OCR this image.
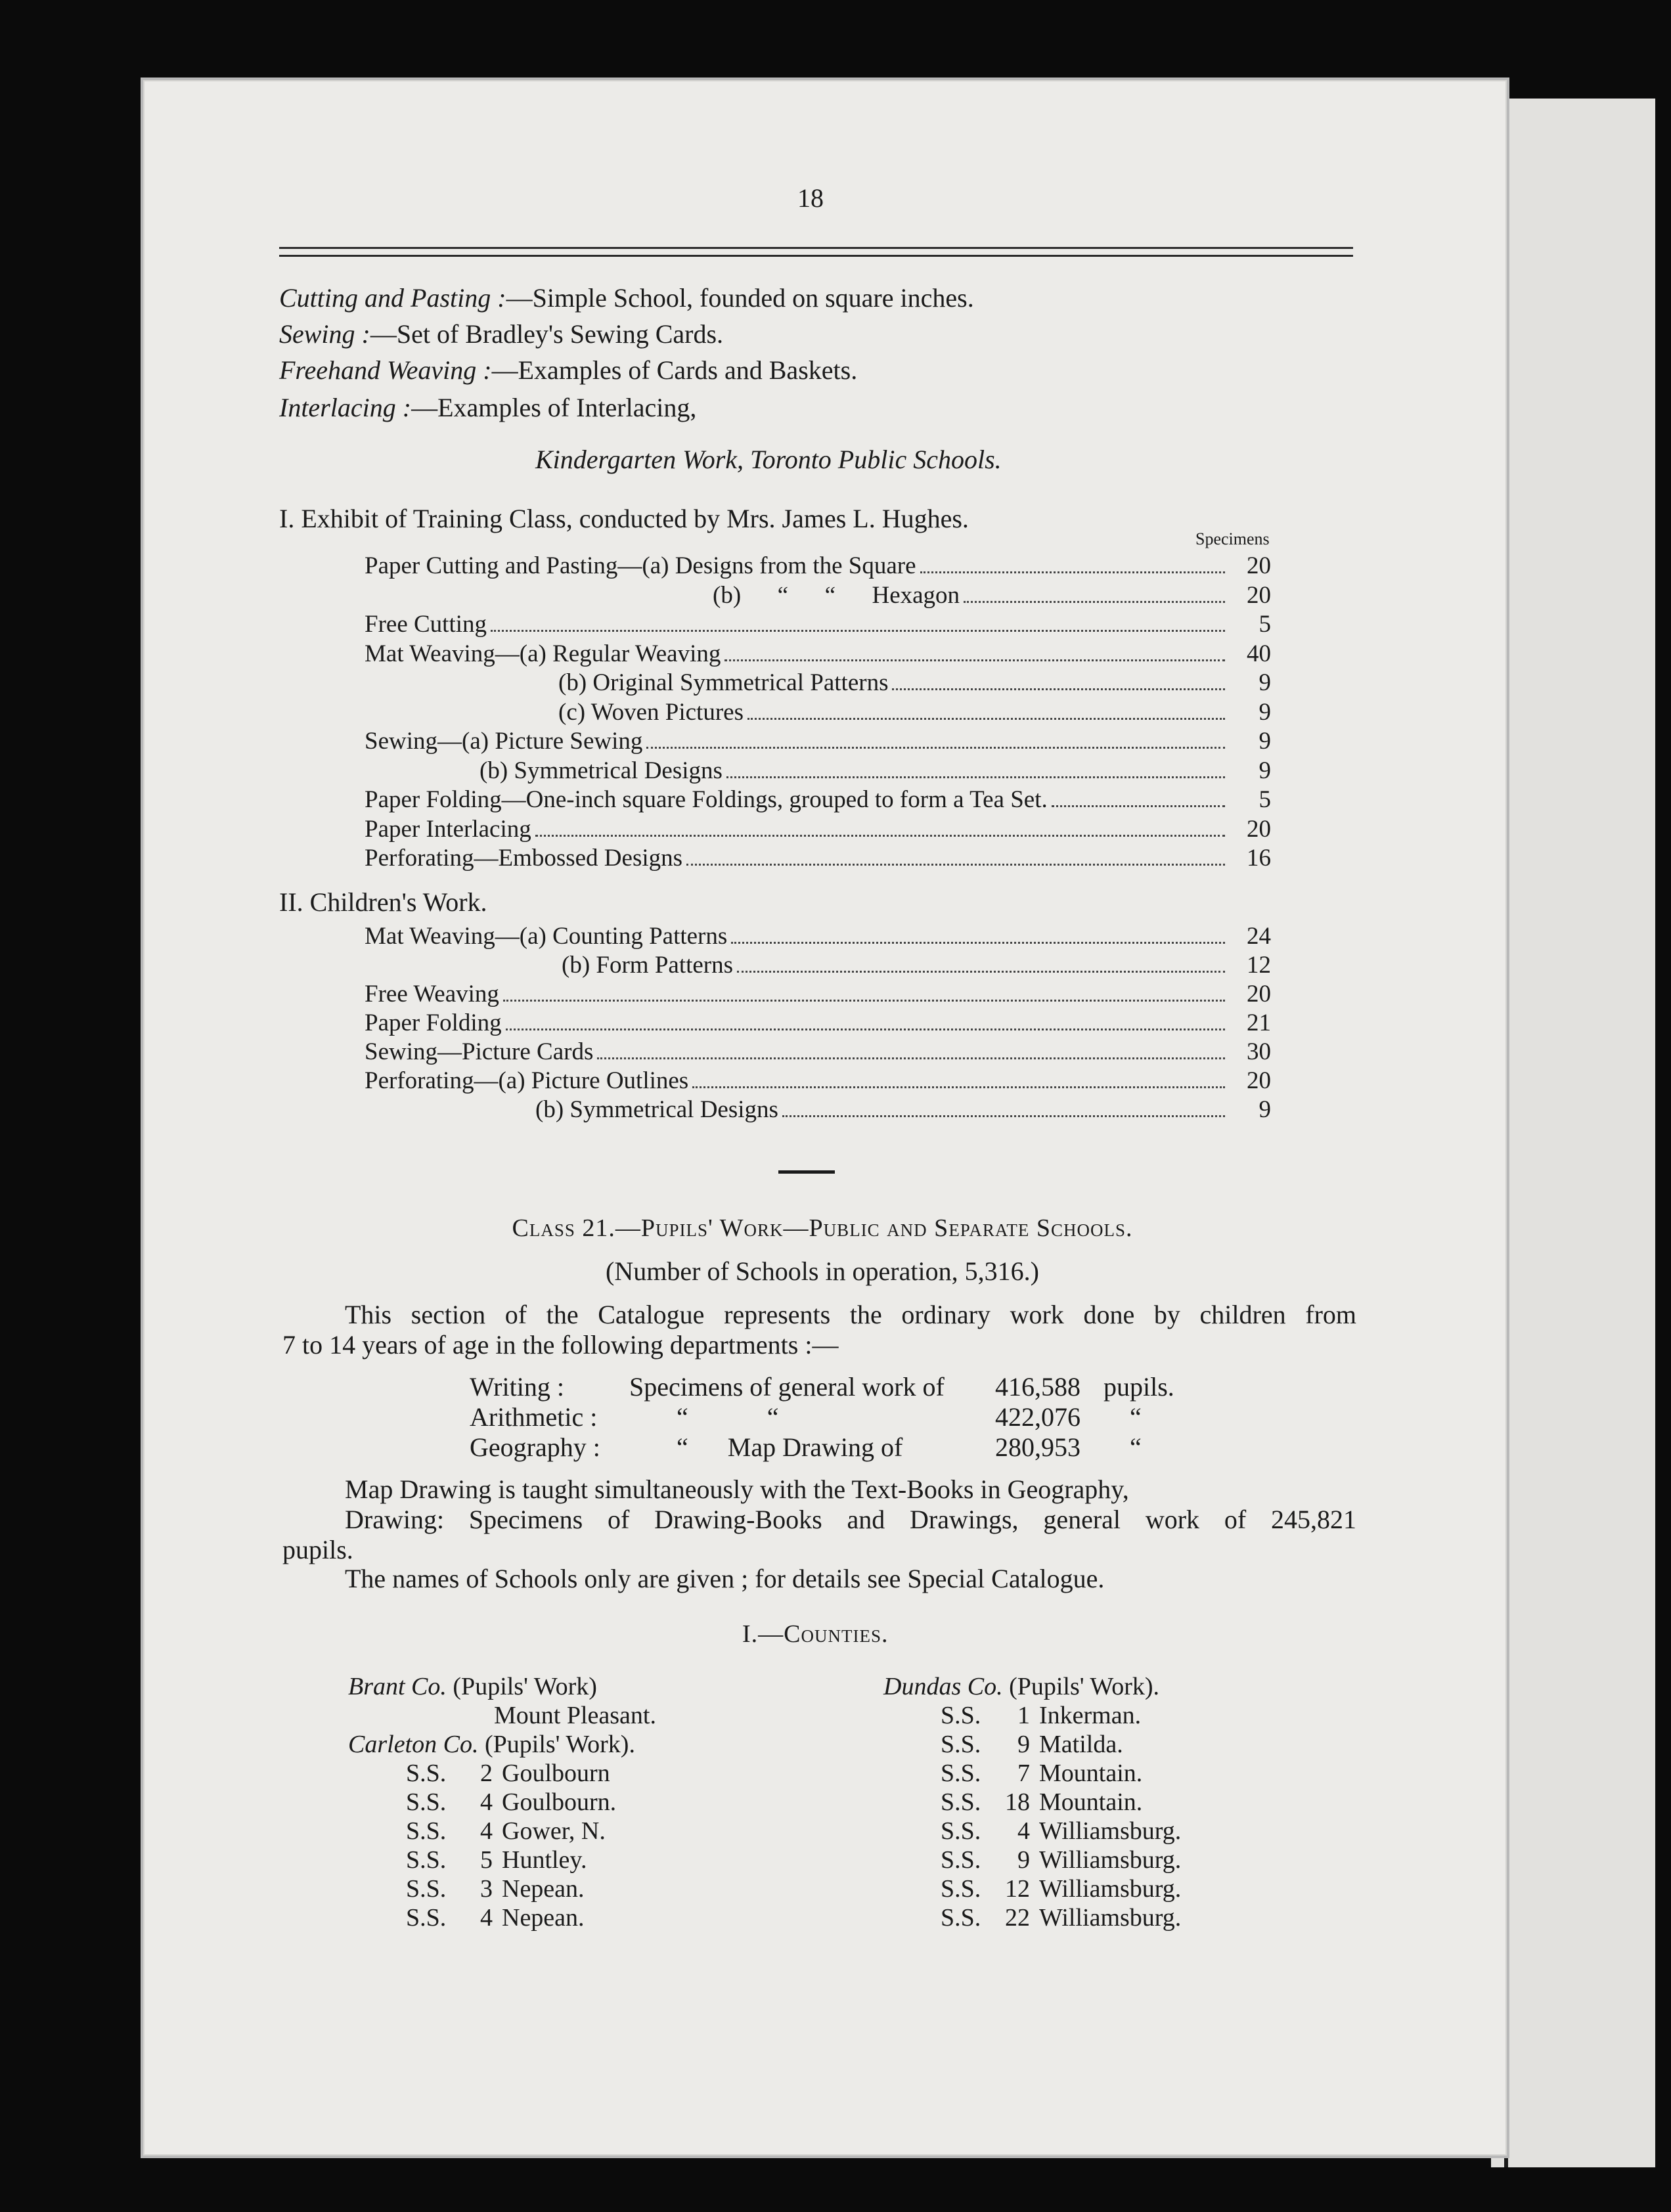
18
Cutting and Pasting :—Simple School, founded on square inches.
Sewing :—Set of Bradley's Sewing Cards.
Freehand Weaving :—Examples of Cards and Baskets.
Interlacing :—Examples of Interlacing,
Kindergarten Work, Toronto Public Schools.
I. Exhibit of Training Class, conducted by Mrs. James L. Hughes.
Specimens
Paper Cutting and Pasting—(a) Designs from the Square	20
(b)      “      “      Hexagon	20
Free Cutting	5
Mat Weaving—(a) Regular Weaving	40
(b) Original Symmetrical Patterns	9
(c) Woven Pictures	9
Sewing—(a) Picture Sewing	9
(b) Symmetrical Designs	9
Paper Folding—One-inch square Foldings, grouped to form a Tea Set.	5
Paper Interlacing	20
Perforating—Embossed Designs	16
II. Children's Work.
Mat Weaving—(a) Counting Patterns	24
(b) Form Patterns	12
Free Weaving	20
Paper Folding	21
Sewing—Picture Cards	30
Perforating—(a) Picture Outlines	20
(b) Symmetrical Designs	9
Class 21.—Pupils' Work—Public and Separate Schools.
(Number of Schools in operation, 5,316.)
This section of the Catalogue represents the ordinary work done by children from
7 to 14 years of age in the following departments :—
Writing : Specimens of general work of 416,588 pupils.
Arithmetic :	“            “	422,076 “
Geography :	“      Map Drawing of	280,953 “
Map Drawing is taught simultaneously with the Text-Books in Geography,
Drawing: Specimens of Drawing-Books and Drawings, general work of 245,821
pupils.
The names of Schools only are given ; for details see Special Catalogue.
I.—Counties.
Brant Co. (Pupils' Work)
Mount Pleasant.
Carleton Co. (Pupils' Work).
S.S.	2 Goulbourn
S.S.	4 Goulbourn.
S.S.	4 Gower, N.
S.S.	5 Huntley.
S.S.	3 Nepean.
S.S.	4 Nepean.
Dundas Co. (Pupils' Work).
S.S.	1 Inkerman.
S.S.	9 Matilda.
S.S.	7 Mountain.
S.S. 18 Mountain.
S.S.	4 Williamsburg.
S.S.	9 Williamsburg.
S.S. 12 Williamsburg.
S.S. 22 Williamsburg.
